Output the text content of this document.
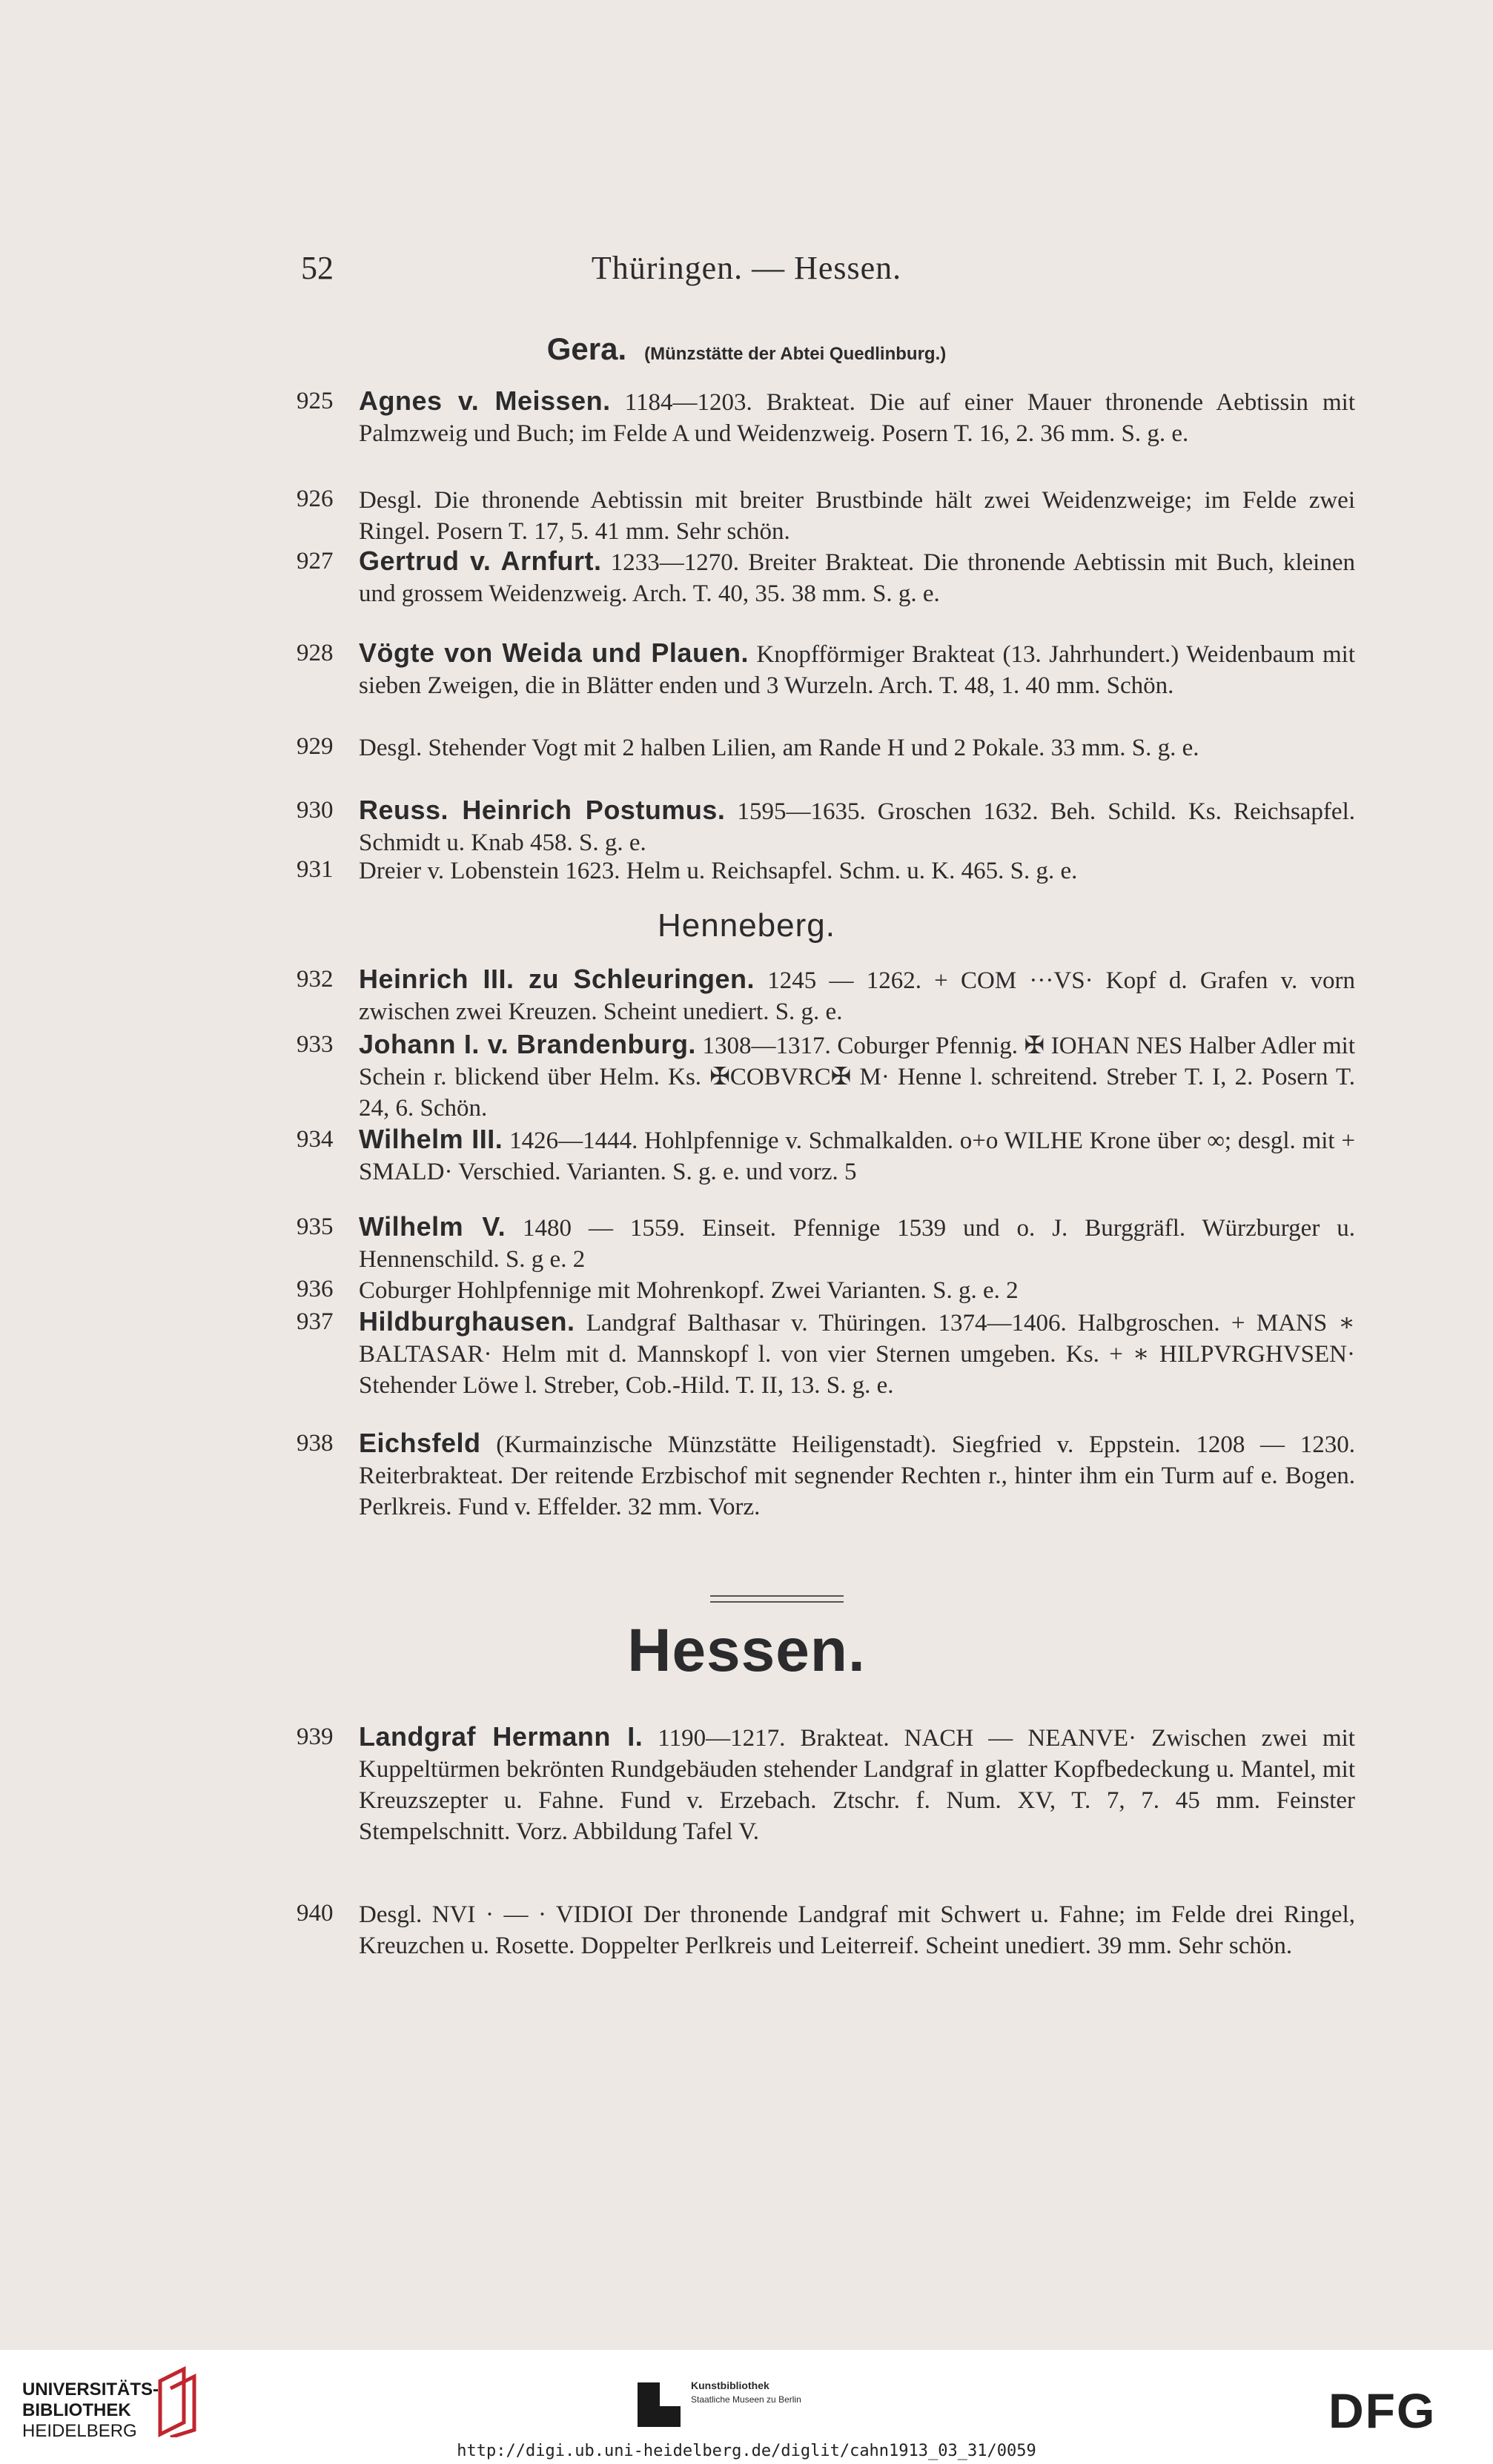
52	Thüringen. — Hessen.
Gera. (Münzstätte der Abtei Quedlinburg.)
Henneberg.
Hessen.
925 Agnes v. Meissen. 1184—1203. Brakteat. Die auf einer Mauer thronende Aebtissin mit Palmzweig und Buch; im Felde A und Weidenzweig. Posern T. 16, 2. 36 mm. S. g. e.
926	Desgl. Die thronende Aebtissin mit breiter Brustbinde hält zwei Weidenzweige; im Felde zwei Ringel. Posern T. 17, 5. 41 mm. Sehr schön.
927 Gertrud v. Arnfurt. 1233—1270. Breiter Brakteat. Die thronende Aebtissin mit Buch, kleinen und grossem Weidenzweig. Arch. T. 40, 35. 38 mm. S. g. e.
928 Vögte von Weida und Plauen. Knopfförmiger Brakteat (13. Jahrhundert.) Weidenbaum mit sieben Zweigen, die in Blätter enden und 3 Wurzeln. Arch. T. 48, 1. 40 mm. Schön.
929	Desgl. Stehender Vogt mit 2 halben Lilien, am Rande H und 2 Pokale. 33 mm. S. g. e.
930 Reuss. Heinrich Postumus. 1595—1635. Groschen 1632. Beh. Schild. Ks. Reichsapfel. Schmidt u. Knab 458. S. g. e.
931	Dreier v. Lobenstein 1623. Helm u. Reichsapfel. Schm. u. K. 465. S. g. e.
932 Heinrich III. zu Schleuringen. 1245 — 1262. + COM ···VS· Kopf d. Grafen v. vorn zwischen zwei Kreuzen. Scheint unediert. S. g. e.
933 Johann I. v. Brandenburg. 1308—1317. Coburger Pfennig. ✠ IOHAN NES Halber Adler mit Schein r. blickend über Helm. Ks. ✠COBVRC✠ M· Henne l. schreitend. Streber T. I, 2. Posern T. 24, 6. Schön.
934 Wilhelm III. 1426—1444. Hohlpfennige v. Schmalkalden. o+o WILHE Krone über ∞; desgl. mit + SMALD· Verschied. Varianten. S. g. e. und vorz. 5
935 Wilhelm V. 1480 — 1559. Einseit. Pfennige 1539 und o. J. Burggräfl. Würzburger u. Hennenschild. S. g e. 2
936	Coburger Hohlpfennige mit Mohrenkopf. Zwei Varianten. S. g. e. 2
937 Hildburghausen. Landgraf Balthasar v. Thüringen. 1374—1406. Halbgroschen. + MANS ∗ BALTASAR· Helm mit d. Mannskopf l. von vier Sternen umgeben. Ks. + ∗ HILPVRGHVSEN· Stehender Löwe l. Streber, Cob.-Hild. T. II, 13. S. g. e.
938 Eichsfeld (Kurmainzische Münzstätte Heiligenstadt). Siegfried v. Eppstein. 1208 — 1230. Reiterbrakteat. Der reitende Erzbischof mit segnender Rechten r., hinter ihm ein Turm auf e. Bogen. Perlkreis. Fund v. Effelder. 32 mm. Vorz.
939 Landgraf Hermann I. 1190—1217. Brakteat. NACH — NEANVE· Zwischen zwei mit Kuppeltürmen bekrönten Rundgebäuden stehender Landgraf in glatter Kopfbedeckung u. Mantel, mit Kreuzszepter u. Fahne. Fund v. Erzebach. Ztschr. f. Num. XV, T. 7, 7. 45 mm. Feinster Stempelschnitt. Vorz. Abbildung Tafel V.
940	Desgl. NVI · — · VIDIOI Der thronende Landgraf mit Schwert u. Fahne; im Felde drei Ringel, Kreuzchen u. Rosette. Doppelter Perlkreis und Leiterreif. Scheint unediert. 39 mm. Sehr schön.
UNIVERSITÄTS-
BIBLIOTHEK
HEIDELBERG
Kunstbibliothek
Staatliche Museen zu Berlin	DFG
http://digi.ub.uni-heidelberg.de/diglit/cahn1913_03_31/0059
